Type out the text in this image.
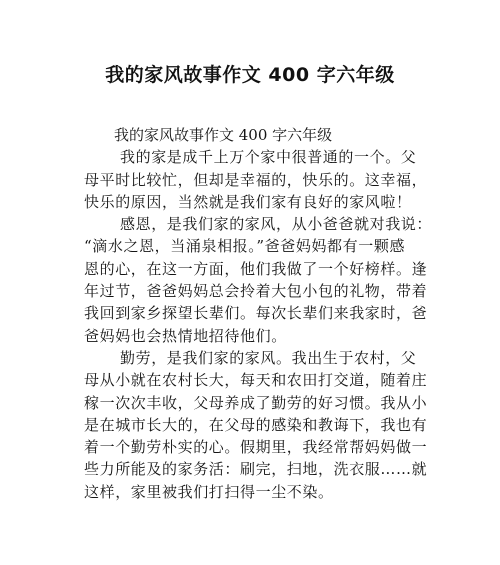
我的家风故事作文 400 字六年级

我的家风故事作文 400 字六年级

我的家是成千上万个家中很普通的一个。父

母平时比较忙，但却是幸福的，快乐的。这幸福，

快乐的原因，当然就是我们家有良好的家风啦！

感恩，是我们家的家风，从小爸爸就对我说：

“滴水之恩，当涌泉相报。”爸爸妈妈都有一颗感

恩的心，在这一方面，他们我做了一个好榜样。逢

年过节，爸爸妈妈总会拎着大包小包的礼物，带着

我回到家乡探望长辈们。每次长辈们来我家时，爸

爸妈妈也会热情地招待他们。

勤劳，是我们家的家风。我出生于农村，父

母从小就在农村长大，每天和农田打交道，随着庄

稼一次次丰收，父母养成了勤劳的好习惯。我从小

是在城市长大的，在父母的感染和教诲下，我也有

着一个勤劳朴实的心。假期里，我经常帮妈妈做一

些力所能及的家务活：刷完，扫地，洗衣服……就

这样，家里被我们打扫得一尘不染。
